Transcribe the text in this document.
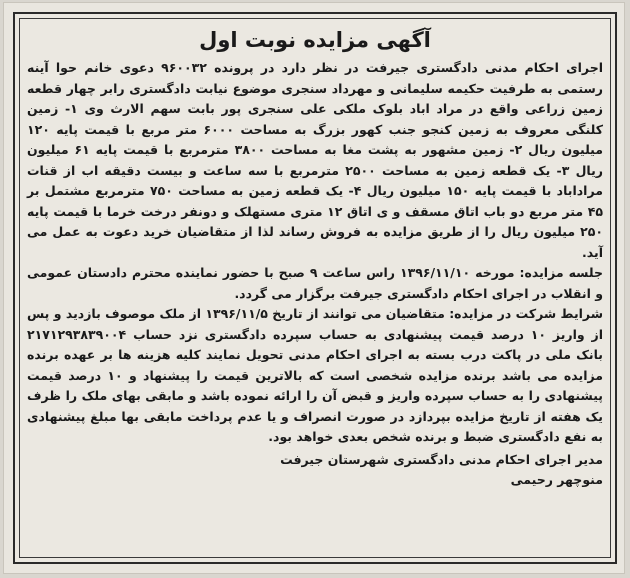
آگهی مزایده نوبت اول

اجرای احکام مدنی دادگستری جیرفت در نظر دارد در پرونده ۹۶۰۰۳۲ دعوی خانم حوا آینه رستمی به طرفیت حکیمه سلیمانی و مهرداد سنجری موضوع نیابت دادگستری رابر چهار قطعه زمین زراعی واقع در مراد اباد بلوک ملکی علی سنجری پور بابت سهم الارث وی ۱- زمین کلنگی معروف به زمین کنجو جنب کهور بزرگ به مساحت ۶۰۰۰ متر مربع با قیمت پایه ۱۲۰ میلیون ریال ۲- زمین مشهور به پشت مغا به مساحت ۳۸۰۰ مترمربع با قیمت پایه ۶۱ میلیون ریال ۳- یک قطعه زمین به مساحت ۲۵۰۰ مترمربع با سه ساعت و بیست دقیقه اب از قنات مراداباد با قیمت پایه ۱۵۰ میلیون ریال ۴- یک قطعه زمین به مساحت ۷۵۰ مترمربع مشتمل بر ۴۵ متر مربع دو باب اتاق مسقف و ی اتاق ۱۲ متری مستهلک و دونفر درخت خرما با قیمت پایه ۲۵۰ میلیون ریال را از طریق مزایده به فروش رساند لذا از متقاضیان خرید دعوت به عمل می آید.

جلسه مزایده: مورخه ۱۳۹۶/۱۱/۱۰ راس ساعت ۹ صبح با حضور نماینده محترم دادستان عمومی و انقلاب در اجرای احکام دادگستری جیرفت برگزار می گردد.

شرایط شرکت در مزایده: متقاضیان می توانند از تاریخ ۱۳۹۶/۱۱/۵ از ملک موصوف بازدید و پس از واریز ۱۰ درصد قیمت پیشنهادی به حساب سپرده دادگستری نزد حساب ۲۱۷۱۲۹۳۸۳۹۰۰۴ بانک ملی در پاکت درب بسته به اجرای احکام مدنی تحویل نمایند کلیه هزینه ها بر عهده برنده مزایده می باشد برنده مزایده شخصی است که بالاترین قیمت را پیشنهاد و ۱۰ درصد قیمت پیشنهادی را به حساب سپرده واریز و قبض آن را ارائه نموده باشد و مابقی بهای ملک را ظرف یک هفته از تاریخ مزایده بپردازد در صورت انصراف و یا عدم پرداخت مابقی بها مبلغ پیشنهادی به نفع دادگستری ضبط و برنده شخص بعدی خواهد بود.

مدیر اجرای احکام مدنی دادگستری شهرستان جیرفت
منوچهر رحیمی
